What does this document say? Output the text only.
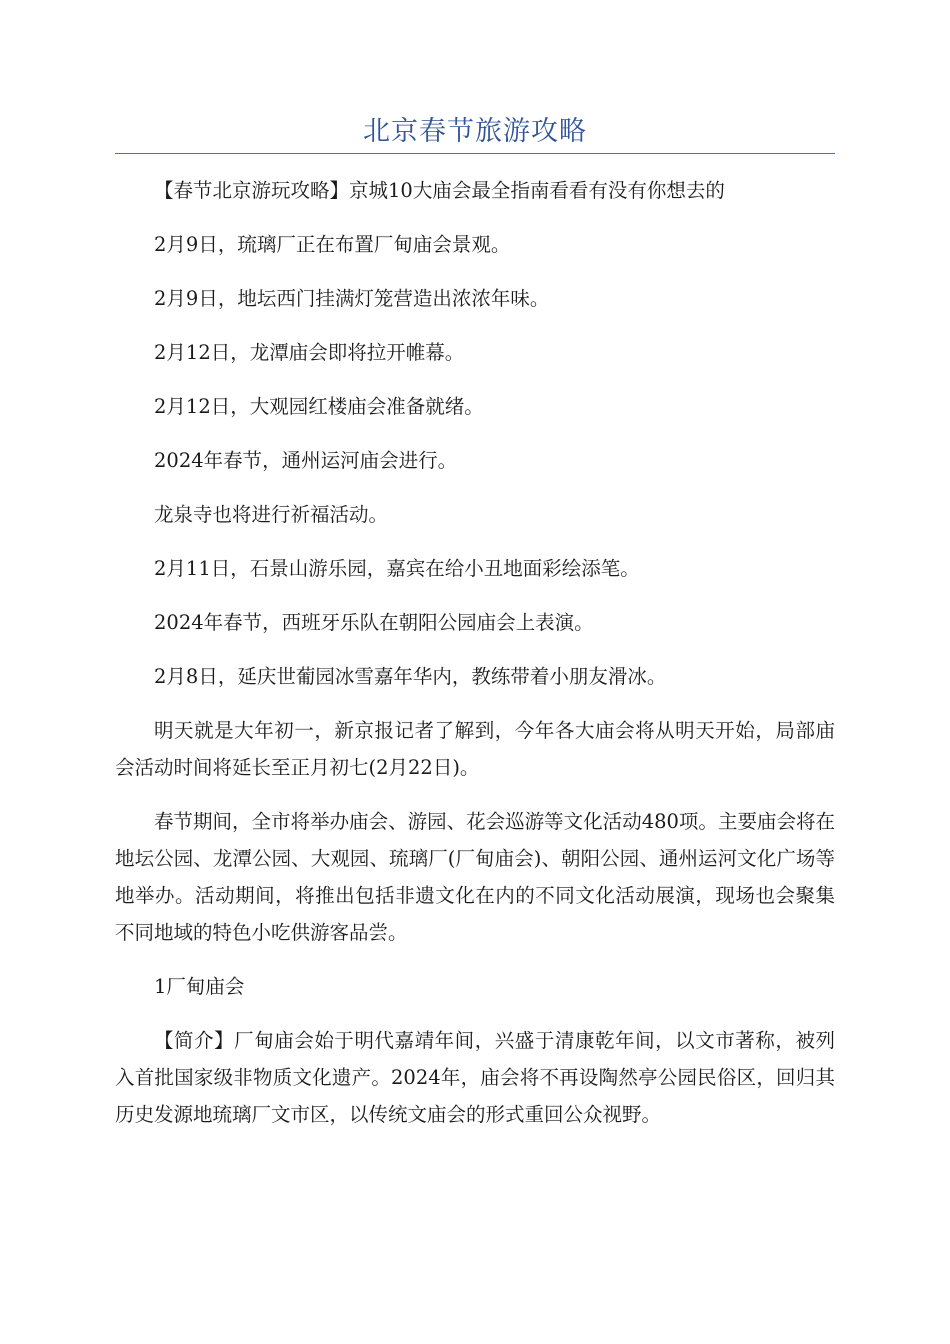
北京春节旅游攻略

【春节北京游玩攻略】京城10大庙会最全指南看看有没有你想去的

2月9日，琉璃厂正在布置厂甸庙会景观。

2月9日，地坛西门挂满灯笼营造出浓浓年味。

2月12日，龙潭庙会即将拉开帷幕。

2月12日，大观园红楼庙会准备就绪。

2024年春节，通州运河庙会进行。

龙泉寺也将进行祈福活动。

2月11日，石景山游乐园，嘉宾在给小丑地面彩绘添笔。

2024年春节，西班牙乐队在朝阳公园庙会上表演。

2月8日，延庆世葡园冰雪嘉年华内，教练带着小朋友滑冰。

明天就是大年初一，新京报记者了解到，今年各大庙会将从明天开始，局部庙会活动时间将延长至正月初七(2月22日)。

春节期间，全市将举办庙会、游园、花会巡游等文化活动480项。主要庙会将在地坛公园、龙潭公园、大观园、琉璃厂(厂甸庙会)、朝阳公园、通州运河文化广场等地举办。活动期间，将推出包括非遗文化在内的不同文化活动展演，现场也会聚集不同地域的特色小吃供游客品尝。

1厂甸庙会

【简介】厂甸庙会始于明代嘉靖年间，兴盛于清康乾年间，以文市著称，被列入首批国家级非物质文化遗产。2024年，庙会将不再设陶然亭公园民俗区，回归其历史发源地琉璃厂文市区，以传统文庙会的形式重回公众视野。
